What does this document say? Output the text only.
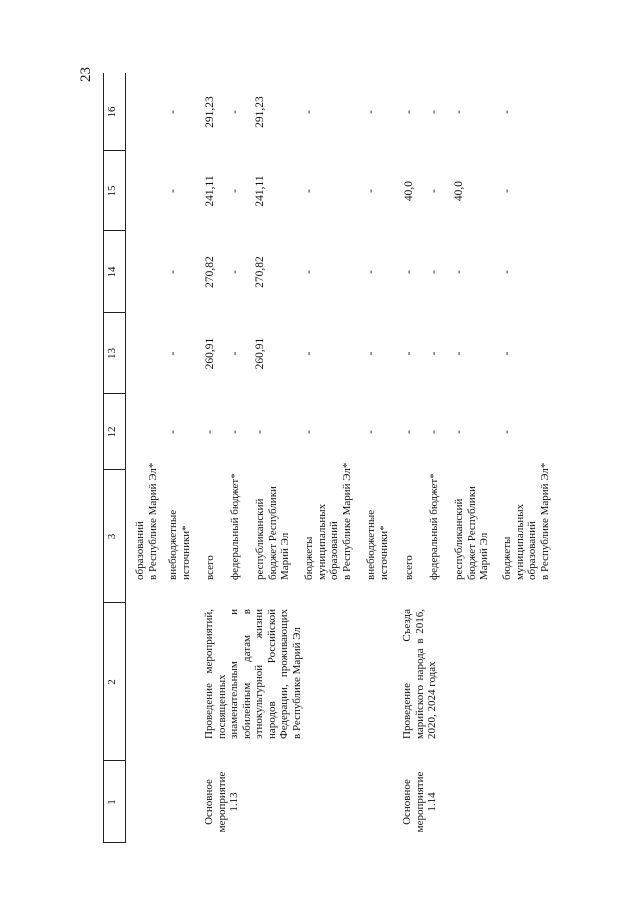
23
1
2
3
12
13
14
15
16
Основное мероприятие 1.13
Проведение мероприятий, посвященных знаменательным и юбилейным датам в этнокультурной жизни народов Российской Федерации, проживающих в Республике Марий Эл
Основное мероприятие 1.14
Проведение Съезда марийского народа в 2016, 2020, 2024 годах
образований
в Республике Марий Эл*
внебюджетные
источники* всего федеральный бюджет* республиканский
бюджет Республики
Марий Эл бюджеты
муниципальных
образований
в Республике Марий Эл*
внебюджетные
источники* всего федеральный бюджет* республиканский
бюджет Республики
Марий Эл бюджеты
муниципальных
образований
в Республике Марий Эл*
-
-
-
-
-
-
260,91
270,82
241,11
291,23
-
-
-
-
-
-
260,91
270,82
241,11
291,23
-
-
-
-
-
-
-
-
-
-
-
-
-
40,0
-
-
-
-
-
-
-
-
-
40,0
-
-
-
-
-
-
